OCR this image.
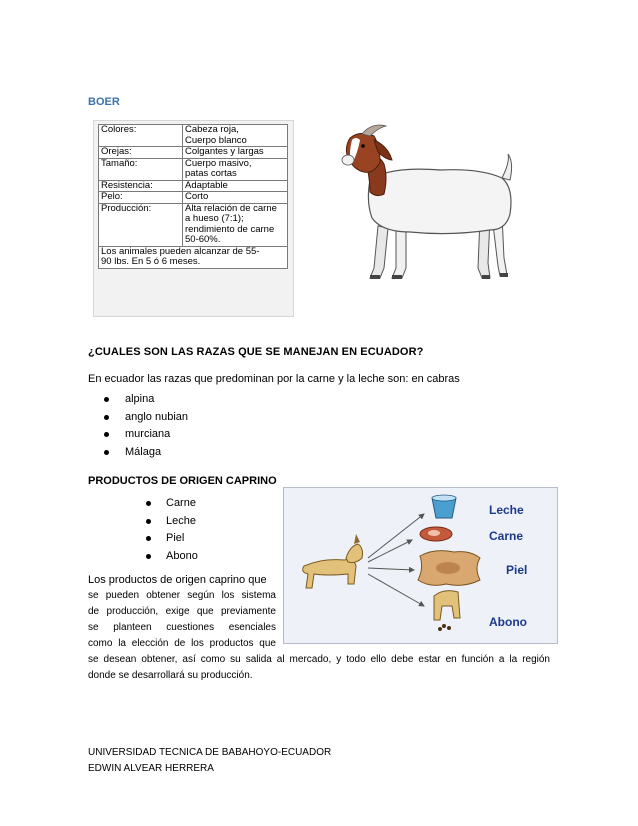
BOER
Colores:	Cabeza roja,
Cuerpo blanco
Orejas:	Colgantes y largas
Tamaño:	Cuerpo masivo,
patas cortas
Resistencia:	Adaptable
Pelo:	Corto
Producción:	Alta relación de carne
a hueso (7:1);
rendimiento de carne
50-60%.
Los animales pueden alcanzar de 55-
90 lbs. En 5 ó 6 meses.	
¿CUALES SON LAS RAZAS QUE SE MANEJAN EN ECUADOR?
En ecuador las razas que predominan por la carne y la leche son: en cabras
alpina
anglo nubian
murciana
Málaga
PRODUCTOS DE ORIGEN CAPRINO
Carne
Leche
Piel
Abono
Leche
Carne
Piel
Abono
Los productos de origen caprino que
se pueden obtener según los sistema
de producción, exige que previamente
se planteen cuestiones esenciales
como la elección de los productos que
se desean obtener, así como su salida al mercado, y todo ello debe estar en función a la región
donde se desarrollará su producción.
UNIVERSIDAD TECNICA DE BABAHOYO-ECUADOR
EDWIN ALVEAR HERRERA
